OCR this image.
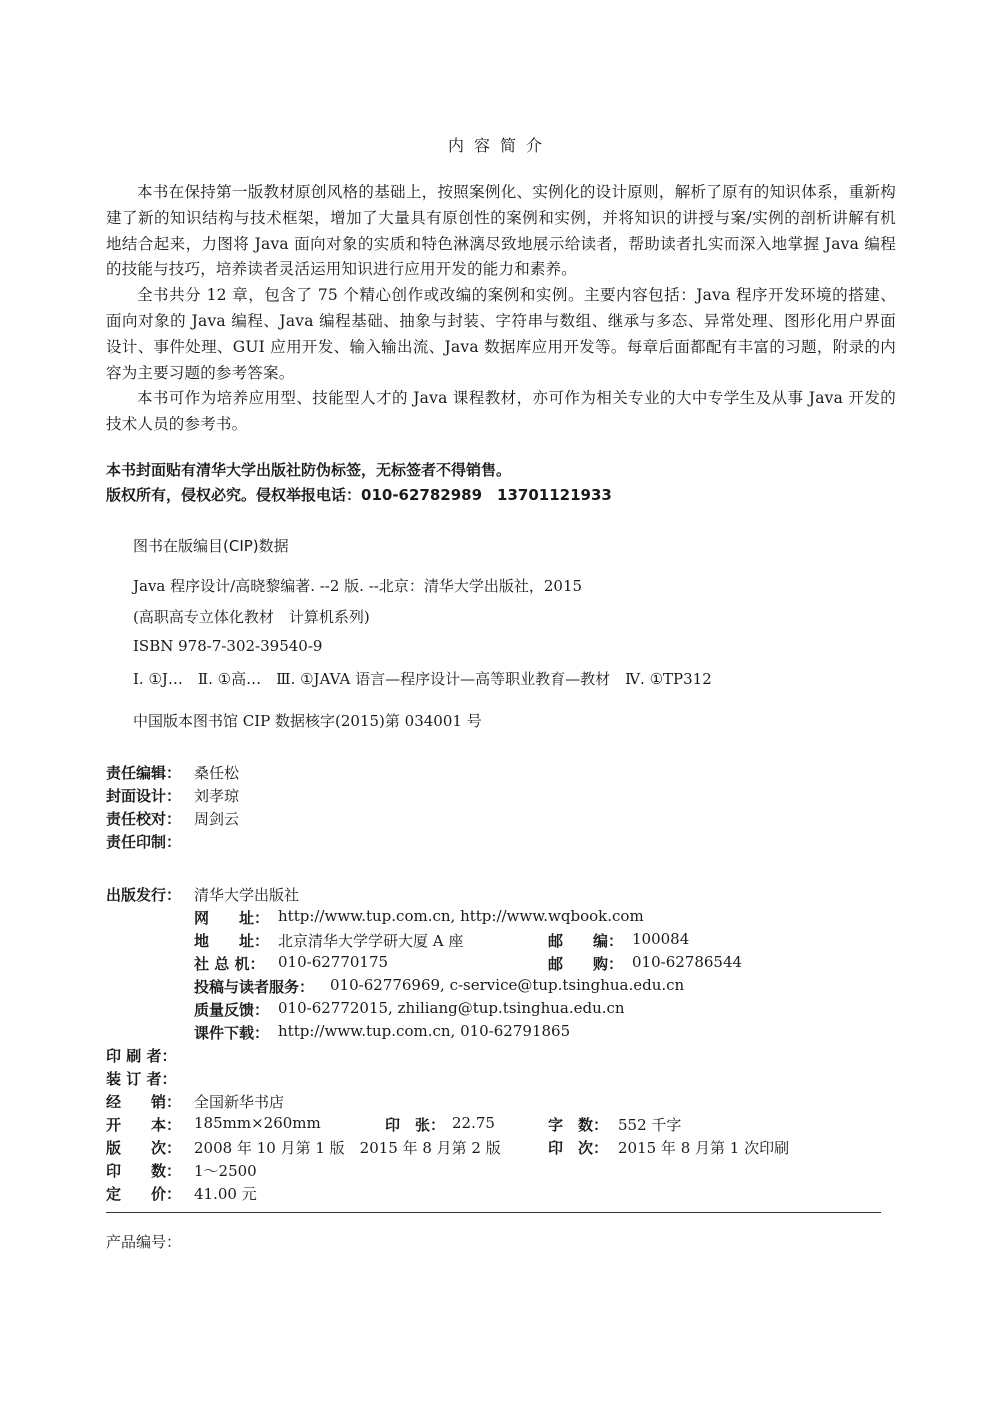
内容简介

本书在保持第一版教材原创风格的基础上，按照案例化、实例化的设计原则，解析了原有的知识体系，重新构建了新的知识结构与技术框架，增加了大量具有原创性的案例和实例，并将知识的讲授与案/实例的剖析讲解有机地结合起来，力图将 Java 面向对象的实质和特色淋漓尽致地展示给读者，帮助读者扎实而深入地掌握 Java 编程的技能与技巧，培养读者灵活运用知识进行应用开发的能力和素养。

全书共分 12 章，包含了 75 个精心创作或改编的案例和实例。主要内容包括：Java 程序开发环境的搭建、面向对象的 Java 编程、Java 编程基础、抽象与封装、字符串与数组、继承与多态、异常处理、图形化用户界面设计、事件处理、GUI 应用开发、输入输出流、Java 数据库应用开发等。每章后面都配有丰富的习题，附录的内容为主要习题的参考答案。

本书可作为培养应用型、技能型人才的 Java 课程教材，亦可作为相关专业的大中专学生及从事 Java 开发的技术人员的参考书。

本书封面贴有清华大学出版社防伪标签，无标签者不得销售。
版权所有，侵权必究。侵权举报电话：010-62782989　13701121933
图书在版编目(CIP)数据
Java 程序设计/高晓黎编著. --2 版. --北京：清华大学出版社，2015
(高职高专立体化教材　计算机系列)
ISBN 978-7-302-39540-9
Ⅰ. ①J…　Ⅱ. ①高…　Ⅲ. ①JAVA 语言—程序设计—高等职业教育—教材　Ⅳ. ①TP312
中国版本图书馆 CIP 数据核字(2015)第 034001 号
责任编辑： 桑任松
封面设计： 刘孝琼
责任校对： 周剑云
责任印制：
出版发行： 清华大学出版社
网　　址： http://www.tup.com.cn, http://www.wqbook.com
地　　址： 北京清华大学学研大厦 A 座	邮　　编： 100084
社 总 机： 010-62770175	邮　　购： 010-62786544
投稿与读者服务： 010-62776969, c-service@tup.tsinghua.edu.cn
质量反馈： 010-62772015, zhiliang@tup.tsinghua.edu.cn
课件下载： http://www.tup.com.cn, 010-62791865
印 刷 者：
装 订 者：
经　　销： 全国新华书店
开　　本： 185mm×260mm	印　张： 22.75	字　数： 552 千字
版　　次： 2008 年 10 月第 1 版　2015 年 8 月第 2 版	印　次： 2015 年 8 月第 1 次印刷
印　　数： 1～2500
定　　价： 41.00 元
产品编号：
